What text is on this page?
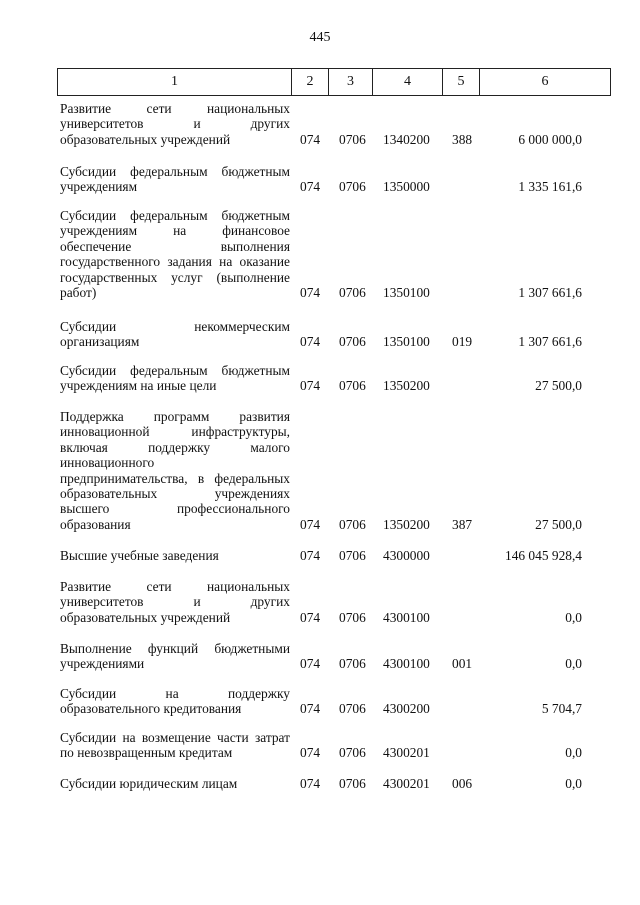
445
1	2	3	4	5	6
Развитие сети национальных
университетов и других
образовательных учреждений	074 0706 1340200 388	6 000 000,0
Субсидии федеральным бюджетным
учреждениям	074 0706 1350000	1 335 161,6
Субсидии федеральным бюджетным
учреждениям на финансовое
обеспечение выполнения
государственного задания на оказание
государственных услуг (выполнение
работ)	074 0706 1350100	1 307 661,6
Субсидии некоммерческим
организациям	074 0706 1350100 019	1 307 661,6
Субсидии федеральным бюджетным
учреждениям на иные цели	074 0706 1350200	27 500,0
Поддержка программ развития
инновационной инфраструктуры,
включая поддержку малого
инновационного
предпринимательства, в федеральных
образовательных учреждениях
высшего профессионального
образования	074 0706 1350200 387	27 500,0
Высшие учебные заведения	074 0706 4300000	146 045 928,4
Развитие сети национальных
университетов и других
образовательных учреждений	074 0706 4300100	0,0
Выполнение функций бюджетными
учреждениями	074 0706 4300100 001	0,0
Субсидии на поддержку
образовательного кредитования	074 0706 4300200	5 704,7
Субсидии на возмещение части затрат
по невозвращенным кредитам	074 0706 4300201	0,0
Субсидии юридическим лицам	074 0706 4300201 006	0,0
